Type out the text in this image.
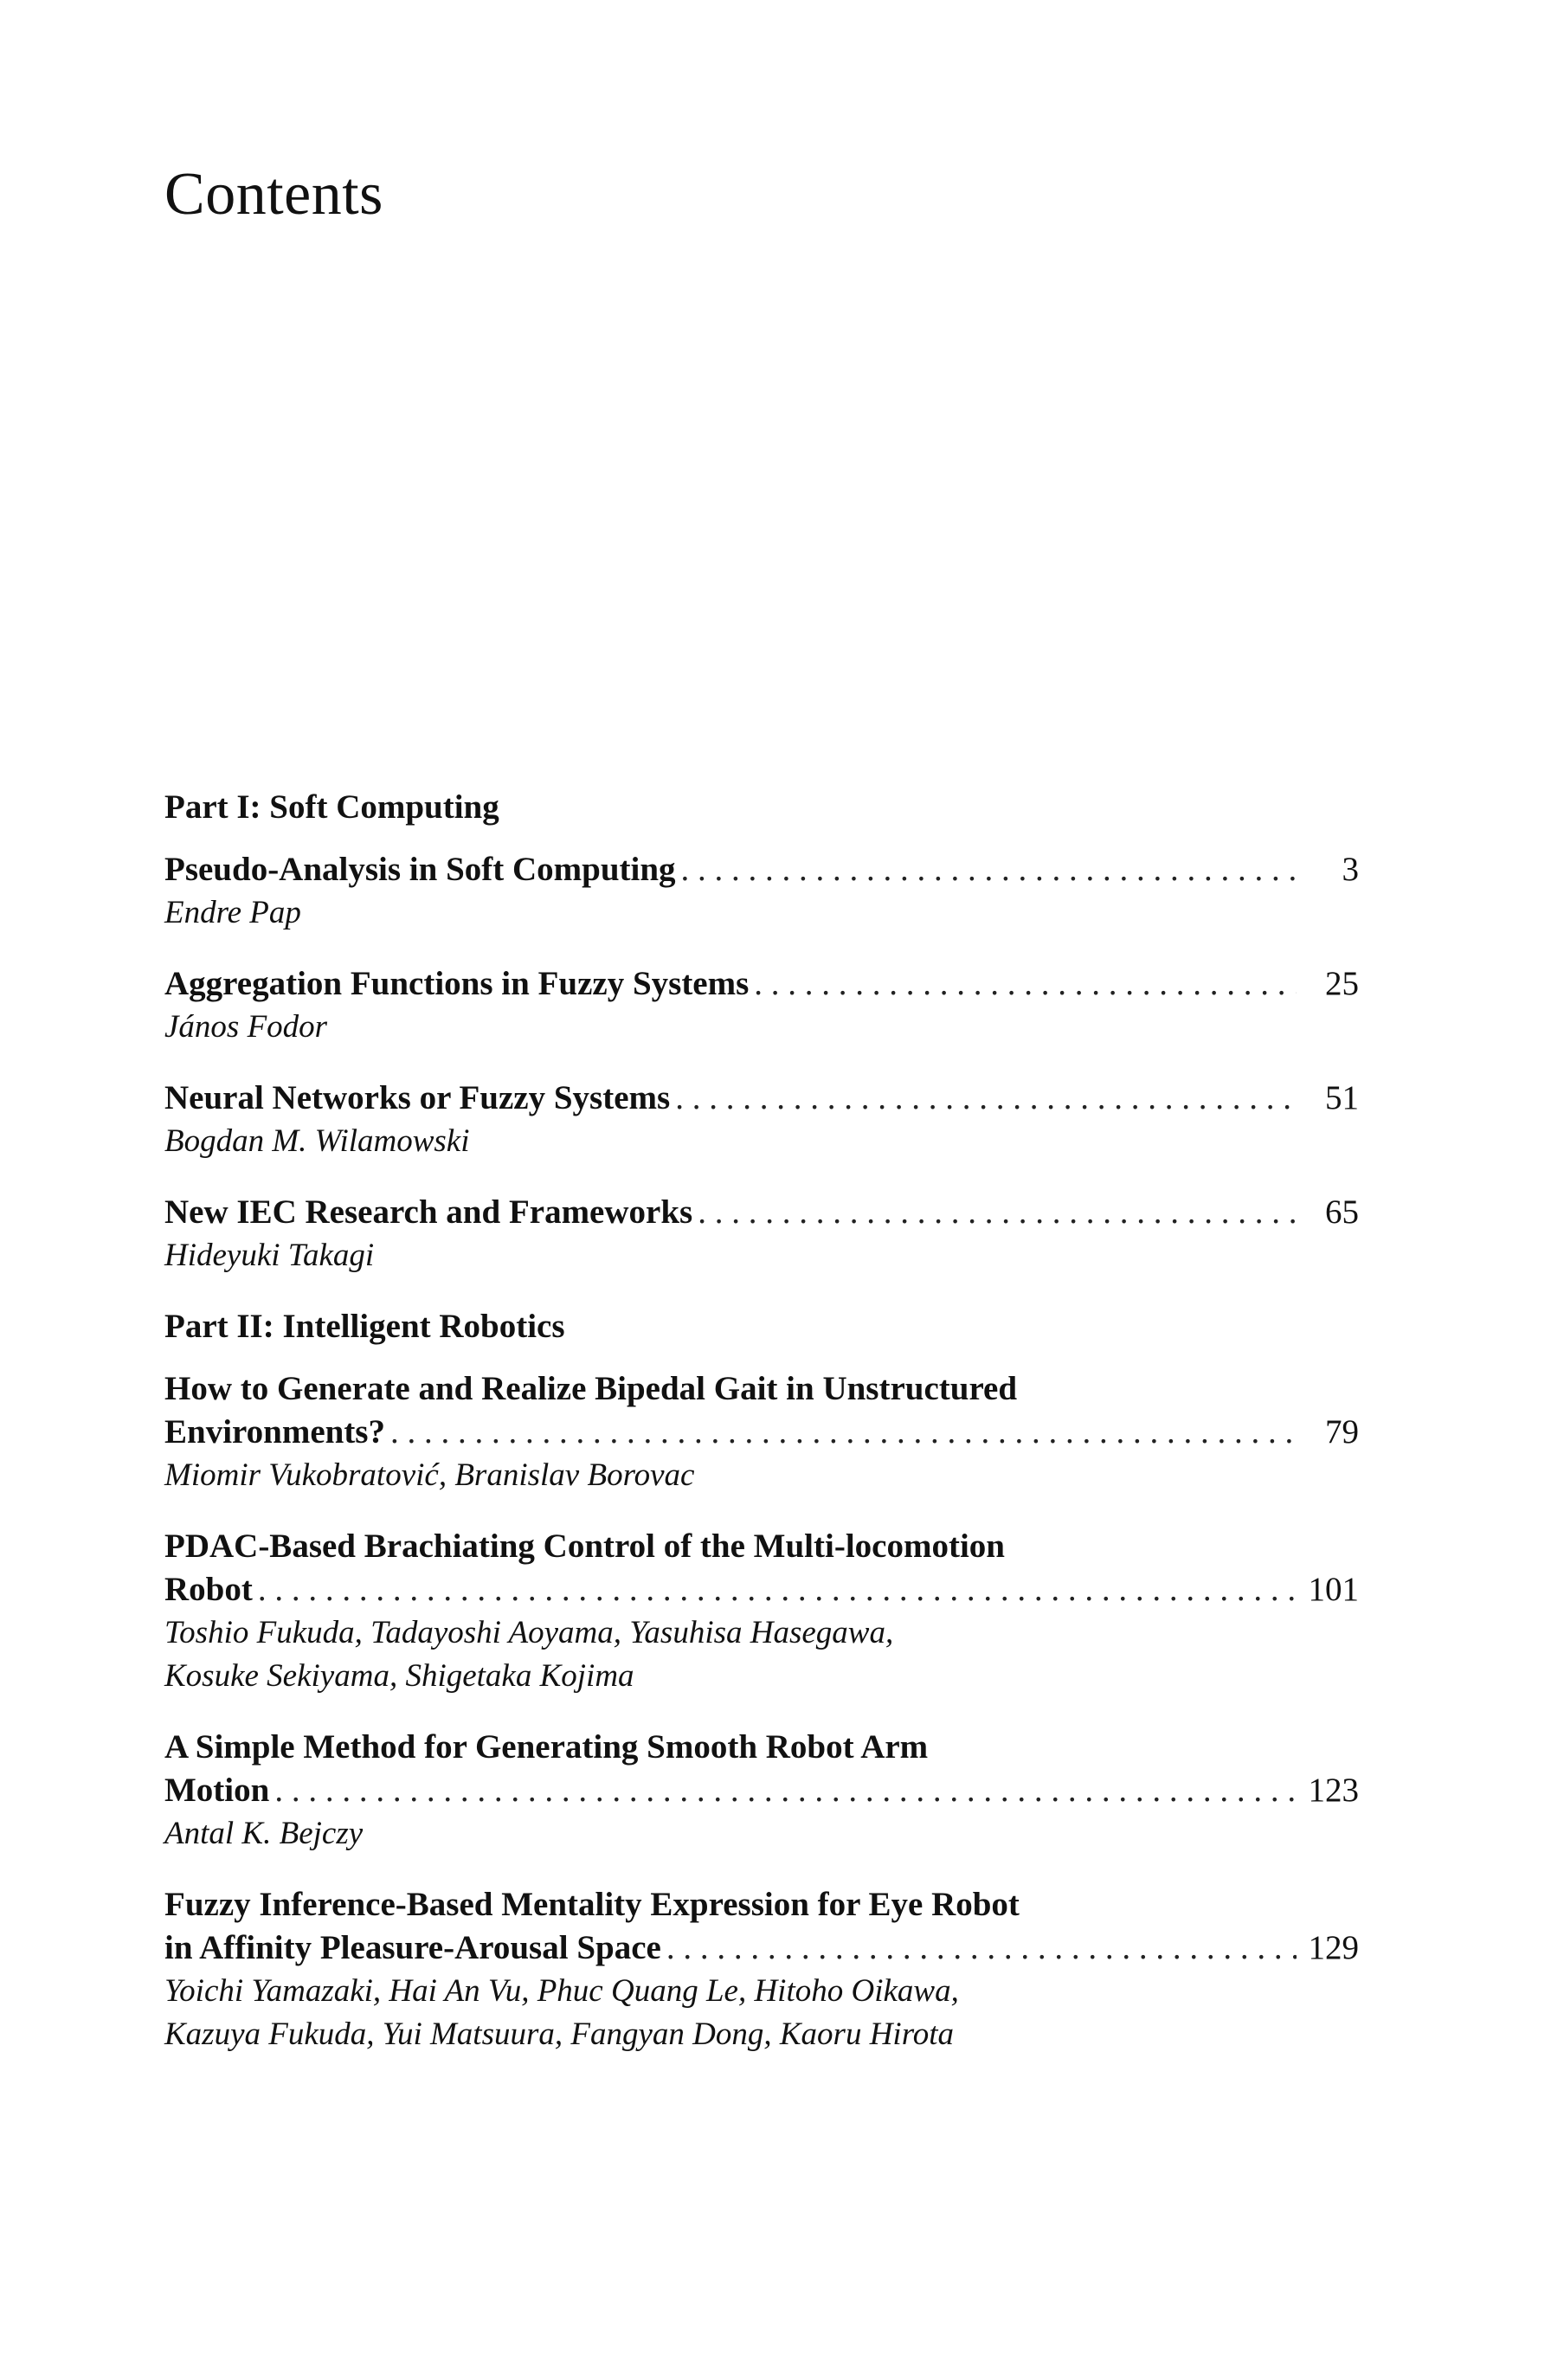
Contents
Part I: Soft Computing
Pseudo-Analysis in Soft Computing . . .	3
Endre Pap
Aggregation Functions in Fuzzy Systems . . .	25
János Fodor
Neural Networks or Fuzzy Systems . . .	51
Bogdan M. Wilamowski
New IEC Research and Frameworks . . .	65
Hideyuki Takagi
Part II: Intelligent Robotics
How to Generate and Realize Bipedal Gait in Unstructured
Environments? . . .	79
Miomir Vukobratović, Branislav Borovac
PDAC-Based Brachiating Control of the Multi-locomotion
Robot . . .	101
Toshio Fukuda, Tadayoshi Aoyama, Yasuhisa Hasegawa,
Kosuke Sekiyama, Shigetaka Kojima
A Simple Method for Generating Smooth Robot Arm
Motion . . .	123
Antal K. Bejczy
Fuzzy Inference-Based Mentality Expression for Eye Robot
in Affinity Pleasure-Arousal Space . . .	129
Yoichi Yamazaki, Hai An Vu, Phuc Quang Le, Hitoho Oikawa,
Kazuya Fukuda, Yui Matsuura, Fangyan Dong, Kaoru Hirota
